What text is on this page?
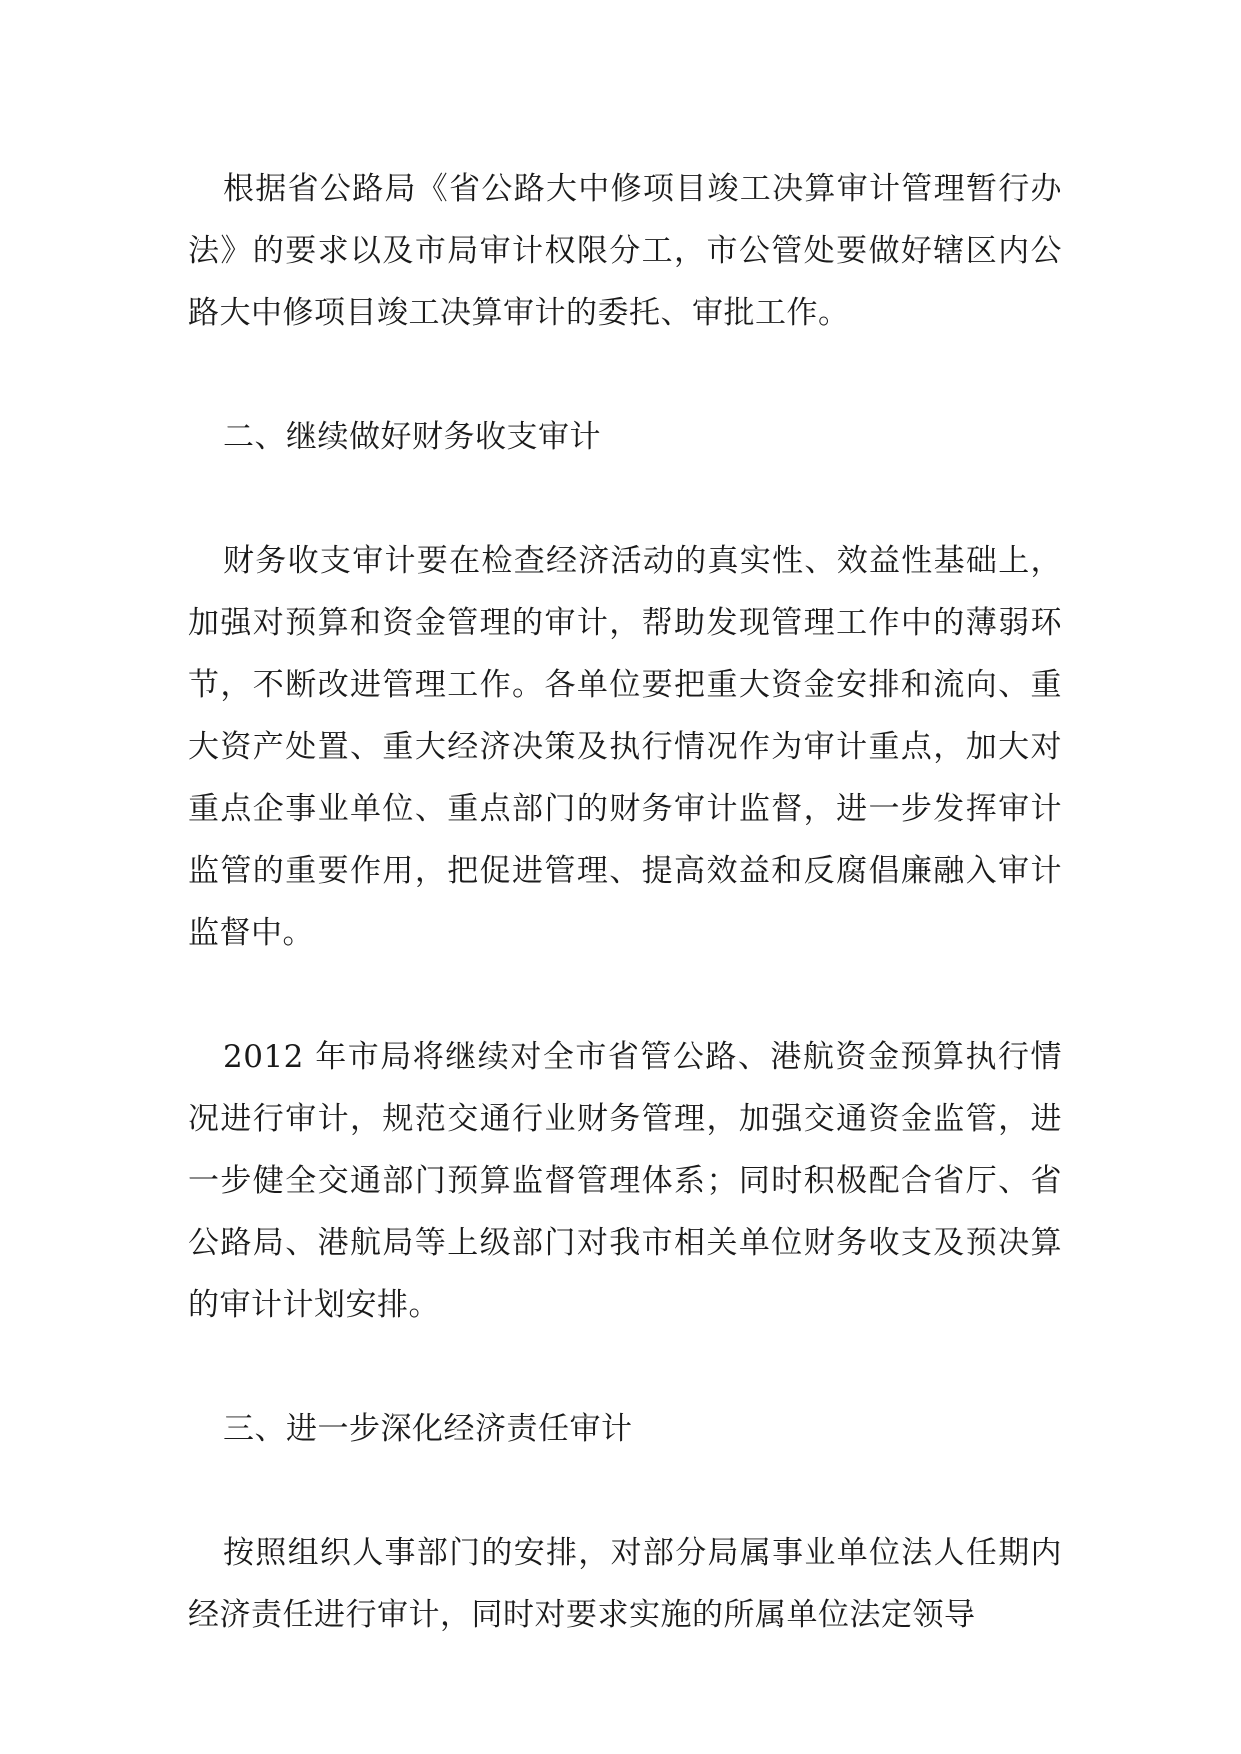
根据省公路局《省公路大中修项目竣工决算审计管理暂行办法》的要求以及市局审计权限分工，市公管处要做好辖区内公路大中修项目竣工决算审计的委托、审批工作。

二、继续做好财务收支审计

财务收支审计要在检查经济活动的真实性、效益性基础上，加强对预算和资金管理的审计，帮助发现管理工作中的薄弱环节，不断改进管理工作。各单位要把重大资金安排和流向、重大资产处置、重大经济决策及执行情况作为审计重点，加大对重点企事业单位、重点部门的财务审计监督，进一步发挥审计监管的重要作用，把促进管理、提高效益和反腐倡廉融入审计监督中。

2012 年市局将继续对全市省管公路、港航资金预算执行情况进行审计，规范交通行业财务管理，加强交通资金监管，进一步健全交通部门预算监督管理体系；同时积极配合省厅、省公路局、港航局等上级部门对我市相关单位财务收支及预决算的审计计划安排。

三、进一步深化经济责任审计

按照组织人事部门的安排，对部分局属事业单位法人任期内经济责任进行审计，同时对要求实施的所属单位法定领导
